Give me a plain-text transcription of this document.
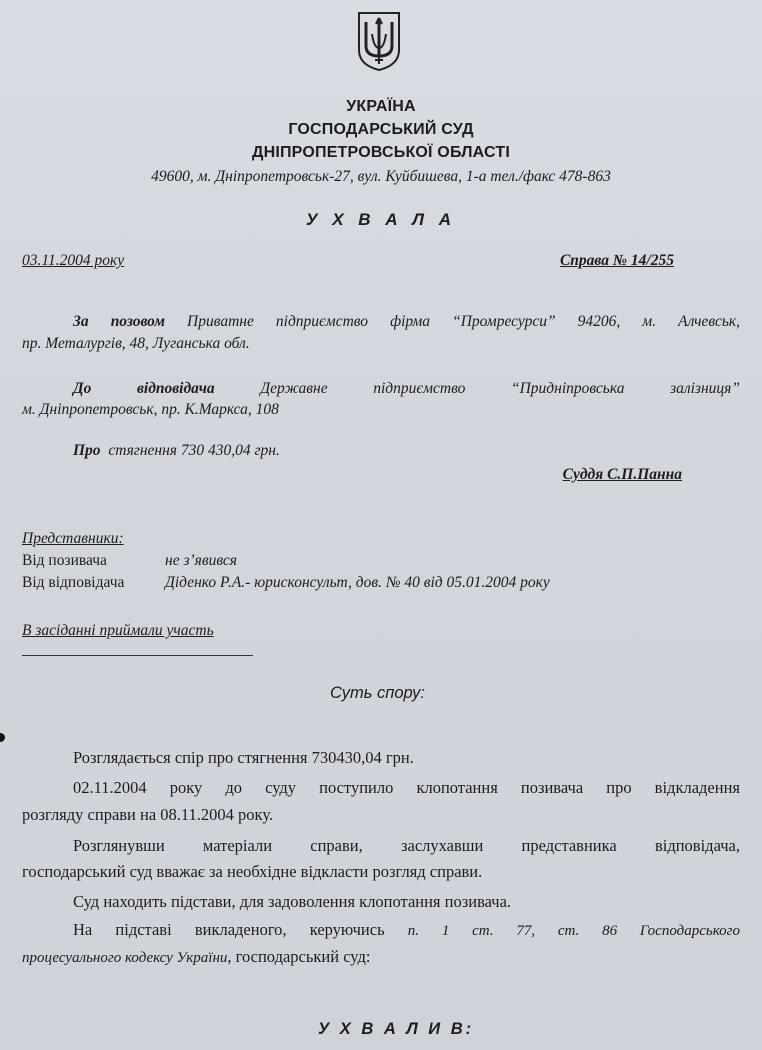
УКРАЇНА
ГОСПОДАРСЬКИЙ СУД
ДНІПРОПЕТРОВСЬКОЇ ОБЛАСТІ
49600, м. Дніпропетровськ-27, вул. Куйбишева, 1-а тел./факс 478-863
У Х В А Л А
03.11.2004 року	Справа № 14/255
За позовом Приватне підприємство фірма “Промресурси” 94206, м. Алчевськ,
пр. Металургів, 48, Луганська обл.
До відповідача	Державне підприємство “Придніпровська залізниця”
м. Дніпропетровськ, пр. К.Маркса, 108
Про стягнення 730 430,04 грн.
Суддя С.П.Панна
Представники:
Від позивача	не з’явився
Від відповідача	Діденко Р.А.- юрисконсульт, дов. № 40 від 05.01.2004 року
В засіданні приймали участь
Суть спору:
Розглядається спір про стягнення 730430,04 грн.
02.11.2004 року до суду поступило клопотання позивача про відкладення
розгляду справи на 08.11.2004 року.
Розглянувши матеріали справи, заслухавши представника відповідача,
господарський суд вважає за необхідне відкласти розгляд справи.
Суд находить підстави, для задоволення клопотання позивача.
На підставі викладеного, керуючись п. 1 ст. 77, ст. 86 Господарського
процесуального кодексу України, господарський суд:
У Х В А Л И В:
